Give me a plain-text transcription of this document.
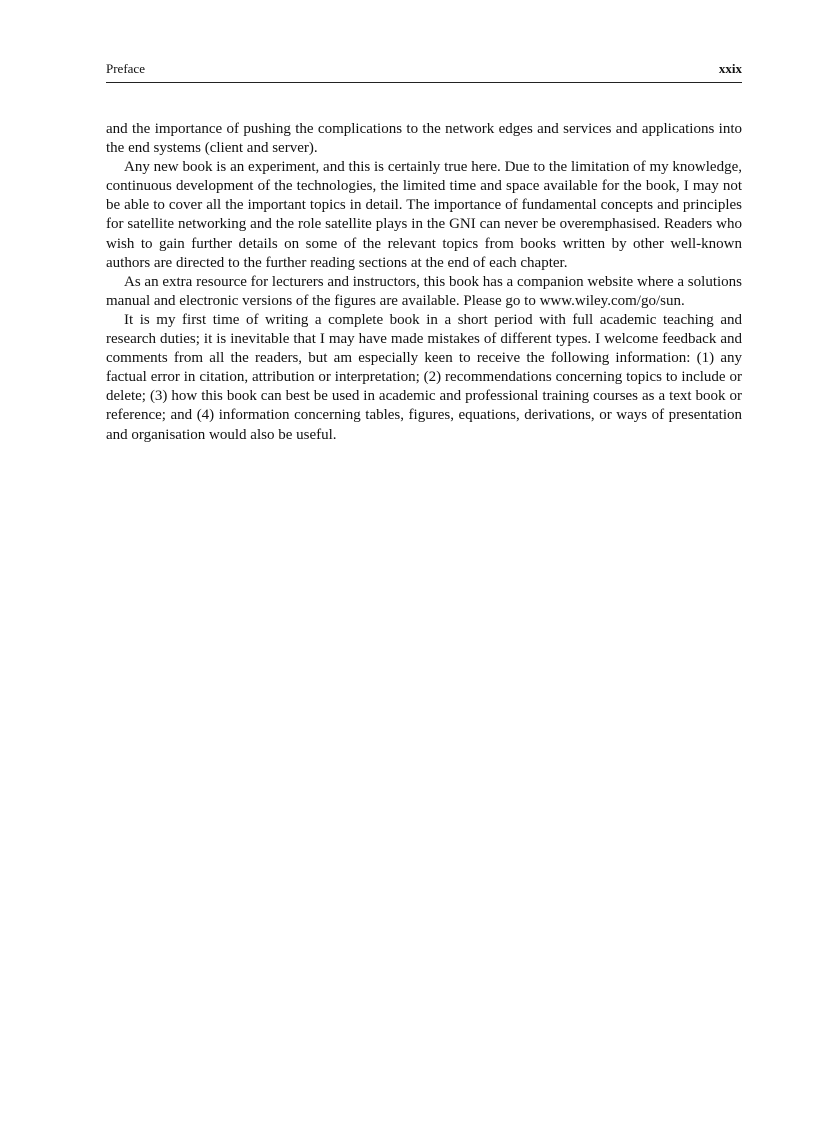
Preface	xxix

and the importance of pushing the complications to the network edges and services and applications into the end systems (client and server).

Any new book is an experiment, and this is certainly true here. Due to the limitation of my knowledge, continuous development of the technologies, the limited time and space available for the book, I may not be able to cover all the important topics in detail. The importance of fundamental concepts and principles for satellite networking and the role satellite plays in the GNI can never be overemphasised. Readers who wish to gain further details on some of the relevant topics from books written by other well-known authors are directed to the further reading sections at the end of each chapter.

As an extra resource for lecturers and instructors, this book has a companion website where a solutions manual and electronic versions of the figures are available. Please go to www.wiley.com/go/sun.

It is my first time of writing a complete book in a short period with full academic teaching and research duties; it is inevitable that I may have made mistakes of different types. I welcome feedback and comments from all the readers, but am especially keen to receive the following information: (1) any factual error in citation, attribution or interpretation; (2) recommendations concerning topics to include or delete; (3) how this book can best be used in academic and professional training courses as a text book or reference; and (4) information concerning tables, figures, equations, derivations, or ways of presentation and organisation would also be useful.
